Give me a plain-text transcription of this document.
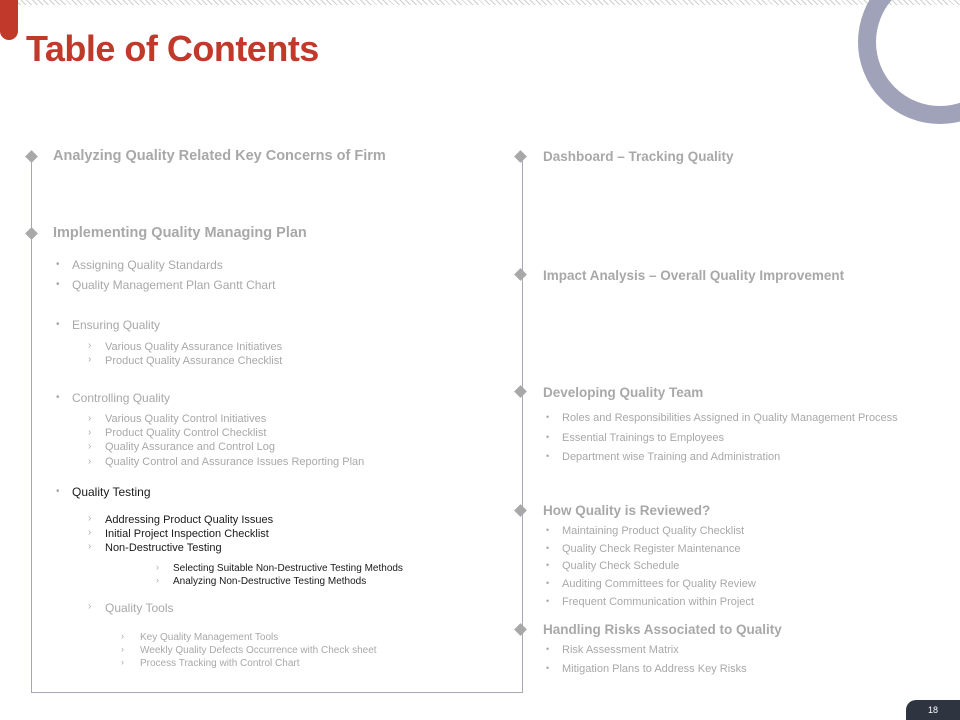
Table of Contents
Analyzing Quality Related Key Concerns of Firm
Implementing Quality Managing Plan
• Assigning Quality Standards
• Quality Management Plan Gantt Chart
• Ensuring Quality
› Various Quality Assurance Initiatives
› Product Quality Assurance Checklist
• Controlling Quality
› Various Quality Control Initiatives
› Product Quality Control Checklist
› Quality Assurance and Control Log
› Quality Control and Assurance Issues Reporting Plan
• Quality Testing
› Addressing Product Quality Issues
› Initial Project Inspection Checklist
› Non-Destructive Testing
› Selecting Suitable Non-Destructive Testing Methods
› Analyzing Non-Destructive Testing Methods
› Quality Tools
› Key Quality Management Tools
› Weekly Quality Defects Occurrence with Check sheet
› Process Tracking with Control Chart
Dashboard – Tracking Quality
Impact Analysis – Overall Quality Improvement
Developing Quality Team
• Roles and Responsibilities Assigned in Quality Management Process
• Essential Trainings to Employees
• Department wise Training and Administration
How Quality is Reviewed?
• Maintaining Product Quality Checklist
• Quality Check Register Maintenance
• Quality Check Schedule
• Auditing Committees for Quality Review
• Frequent Communication within Project
Handling Risks Associated to Quality
• Risk Assessment Matrix
• Mitigation Plans to Address Key Risks
18
